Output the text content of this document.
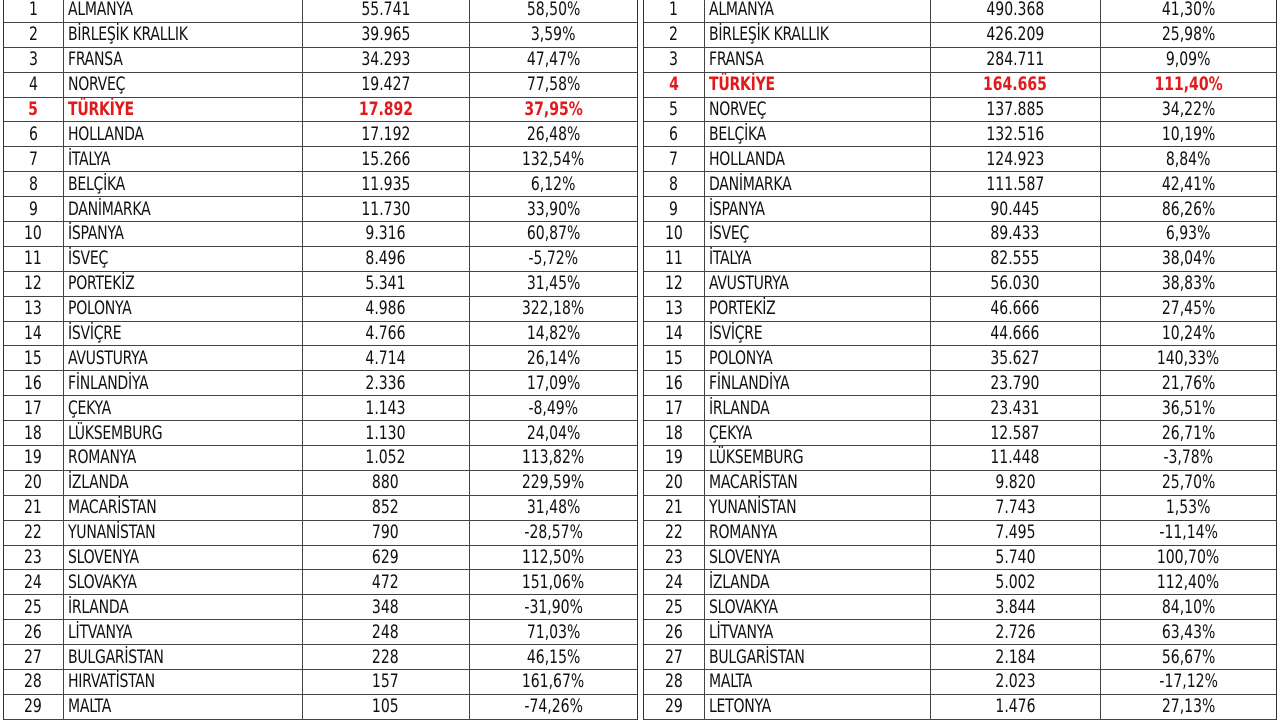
1	ALMANYA	55.741	58,50%
2	BİRLEŞİK KRALLIK	39.965	3,59%
3	FRANSA	34.293	47,47%
4	NORVEÇ	19.427	77,58%
5	TÜRKİYE	17.892	37,95%
6	HOLLANDA	17.192	26,48%
7	İTALYA	15.266	132,54%
8	BELÇİKA	11.935	6,12%
9	DANİMARKA	11.730	33,90%
10	İSPANYA	9.316	60,87%
11	İSVEÇ	8.496	-5,72%
12	PORTEKİZ	5.341	31,45%
13	POLONYA	4.986	322,18%
14	İSVİÇRE	4.766	14,82%
15	AVUSTURYA	4.714	26,14%
16	FİNLANDİYA	2.336	17,09%
17	ÇEKYA	1.143	-8,49%
18	LÜKSEMBURG	1.130	24,04%
19	ROMANYA	1.052	113,82%
20	İZLANDA	880	229,59%
21	MACARİSTAN	852	31,48%
22	YUNANİSTAN	790	-28,57%
23	SLOVENYA	629	112,50%
24	SLOVAKYA	472	151,06%
25	İRLANDA	348	-31,90%
26	LİTVANYA	248	71,03%
27	BULGARİSTAN	228	46,15%
28	HIRVATİSTAN	157	161,67%
29	MALTA	105	-74,26%
1	ALMANYA	490.368	41,30%
2	BİRLEŞİK KRALLIK	426.209	25,98%
3	FRANSA	284.711	9,09%
4	TÜRKİYE	164.665	111,40%
5	NORVEÇ	137.885	34,22%
6	BELÇİKA	132.516	10,19%
7	HOLLANDA	124.923	8,84%
8	DANİMARKA	111.587	42,41%
9	İSPANYA	90.445	86,26%
10	İSVEÇ	89.433	6,93%
11	İTALYA	82.555	38,04%
12	AVUSTURYA	56.030	38,83%
13	PORTEKİZ	46.666	27,45%
14	İSVİÇRE	44.666	10,24%
15	POLONYA	35.627	140,33%
16	FİNLANDİYA	23.790	21,76%
17	İRLANDA	23.431	36,51%
18	ÇEKYA	12.587	26,71%
19	LÜKSEMBURG	11.448	-3,78%
20	MACARİSTAN	9.820	25,70%
21	YUNANİSTAN	7.743	1,53%
22	ROMANYA	7.495	-11,14%
23	SLOVENYA	5.740	100,70%
24	İZLANDA	5.002	112,40%
25	SLOVAKYA	3.844	84,10%
26	LİTVANYA	2.726	63,43%
27	BULGARİSTAN	2.184	56,67%
28	MALTA	2.023	-17,12%
29	LETONYA	1.476	27,13%
